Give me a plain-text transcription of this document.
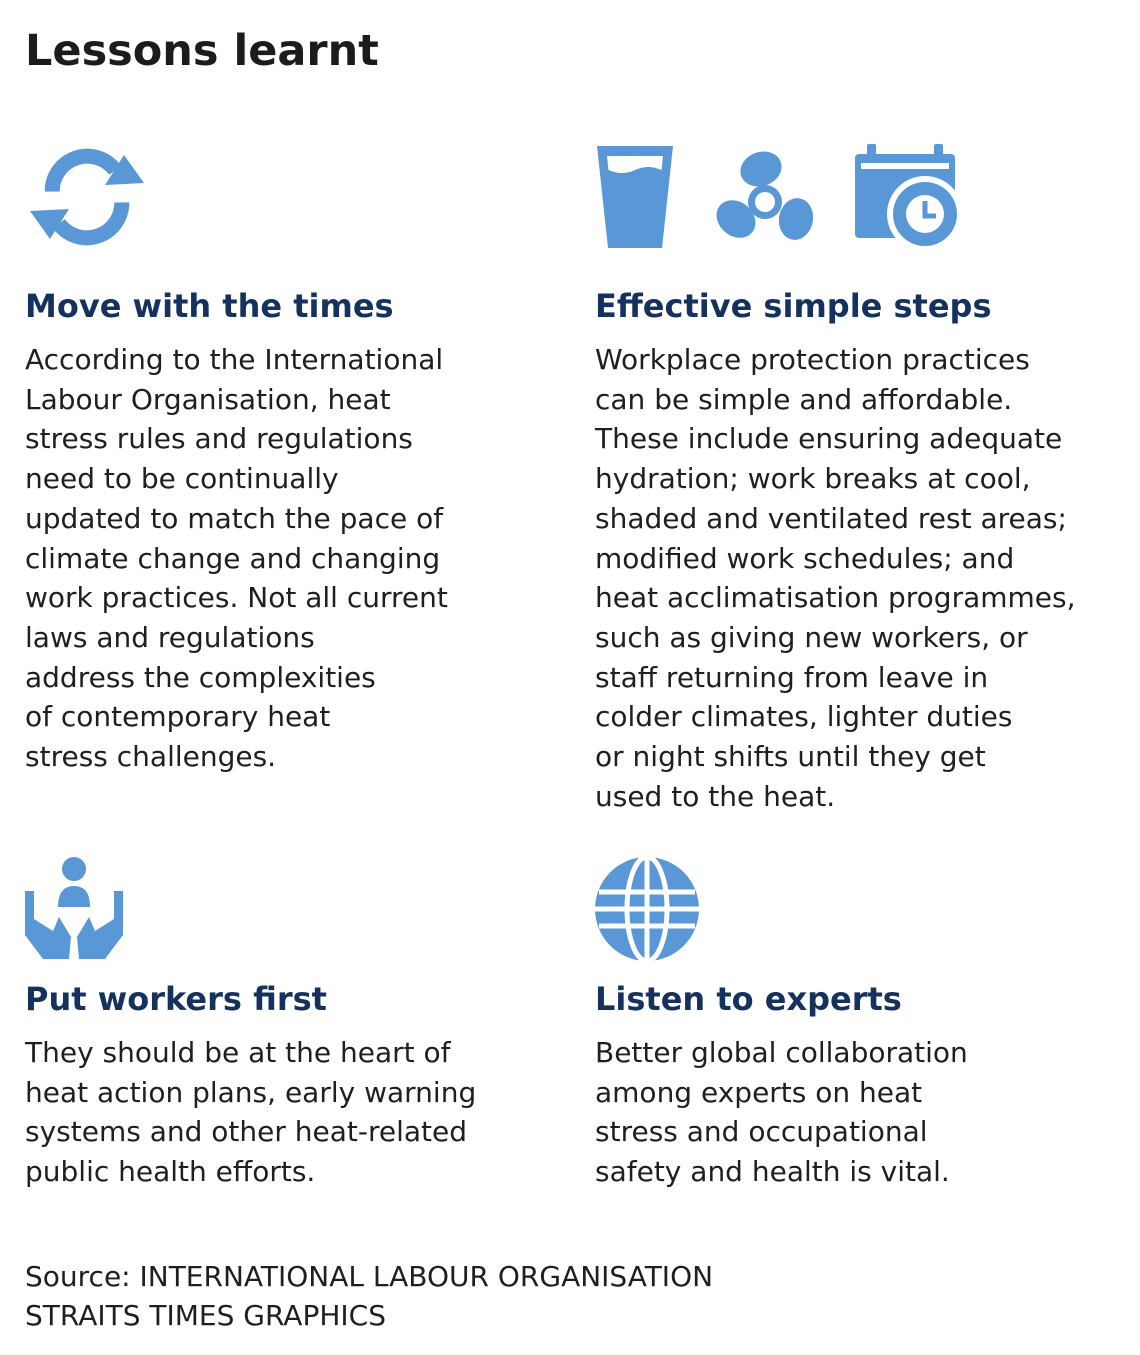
Lessons learnt
Move with the times

According to the International
Labour Organisation, heat
stress rules and regulations
need to be continually
updated to match the pace of
climate change and changing
work practices. Not all current
laws and regulations
address the complexities
of contemporary heat
stress challenges.

Effective simple steps

Workplace protection practices
can be simple and affordable.
These include ensuring adequate
hydration; work breaks at cool,
shaded and ventilated rest areas;
modified work schedules; and
heat acclimatisation programmes,
such as giving new workers, or
staff returning from leave in
colder climates, lighter duties
or night shifts until they get
used to the heat.

Put workers first

They should be at the heart of
heat action plans, early warning
systems and other heat-related
public health efforts.

Listen to experts

Better global collaboration
among experts on heat
stress and occupational
safety and health is vital.

Source: INTERNATIONAL LABOUR ORGANISATION
STRAITS TIMES GRAPHICS
